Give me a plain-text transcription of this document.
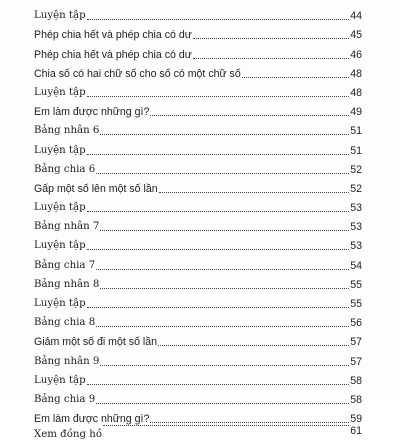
Luyện tập	44
Phép chia hết và phép chia có dư	45
Phép chia hết và phép chia có dư	46
Chia số có hai chữ số cho số có một chữ số	48
Luyện tập	48
Em làm được những gì?	49
Bảng nhân 6	51
Luyện tập	51
Bảng chia 6	52
Gấp một số lên một số lần	52
Luyện tập	53
Bảng nhân 7	53
Luyện tập	53
Bảng chia 7	54
Bảng nhân 8	55
Luyện tập	55
Bảng chia 8	56
Giảm một số đi một số lần	57
Bảng nhân 9	57
Luyện tập	58
Bảng chia 9	58
Em làm được những gì?	59
Xem đồng hồ	61
